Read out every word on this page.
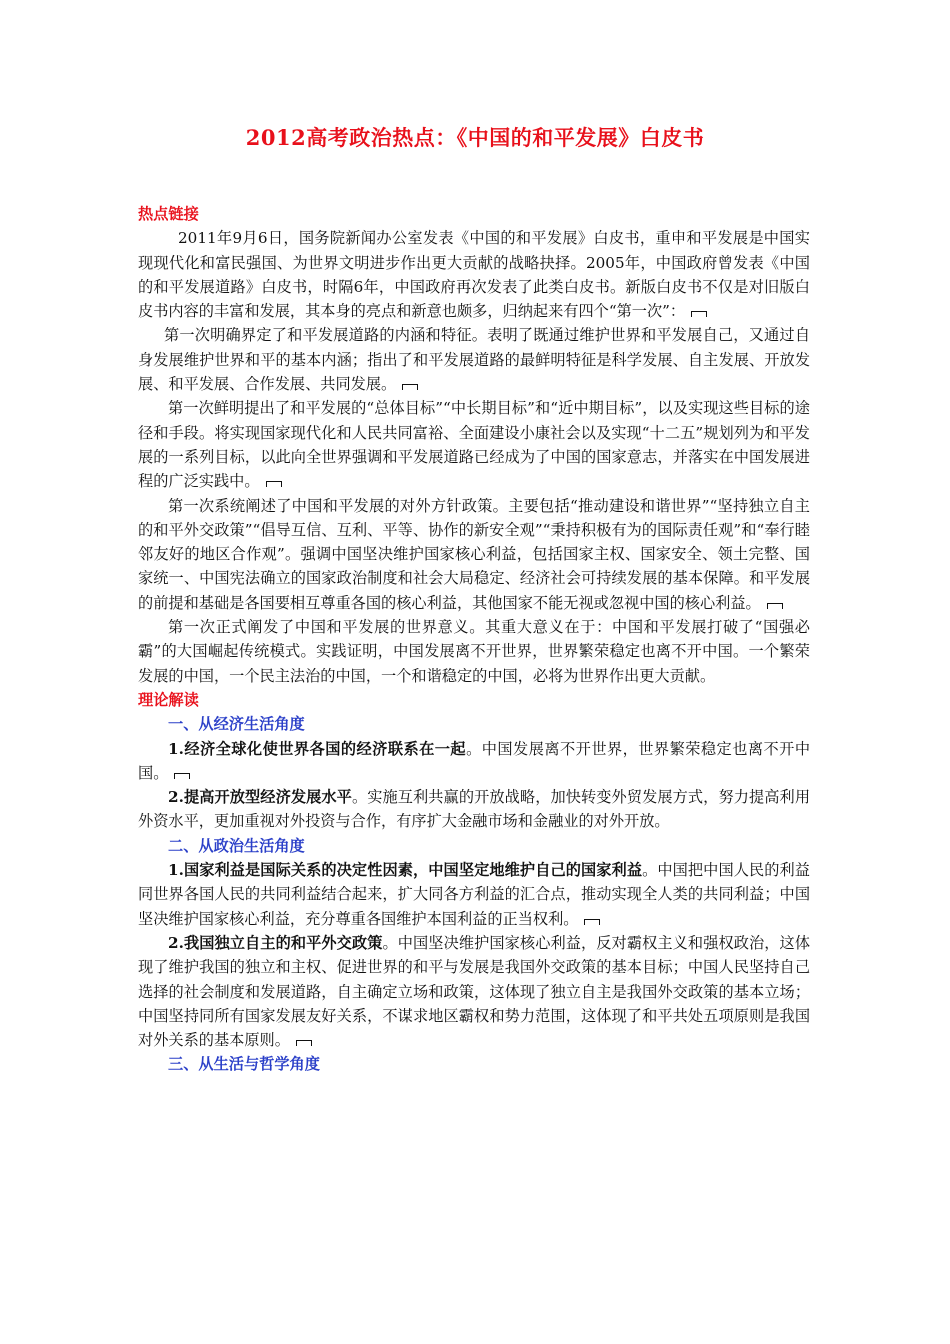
2012高考政治热点：《中国的和平发展》白皮书

热点链接

2011年9月6日，国务院新闻办公室发表《中国的和平发展》白皮书，重申和平发展是中国实现现代化和富民强国、为世界文明进步作出更大贡献的战略抉择。2005年，中国政府曾发表《中国的和平发展道路》白皮书，时隔6年，中国政府再次发表了此类白皮书。新版白皮书不仅是对旧版白皮书内容的丰富和发展，其本身的亮点和新意也颇多，归纳起来有四个“第一次”：

第一次明确界定了和平发展道路的内涵和特征。表明了既通过维护世界和平发展自己，又通过自身发展维护世界和平的基本内涵；指出了和平发展道路的最鲜明特征是科学发展、自主发展、开放发展、和平发展、合作发展、共同发展。

第一次鲜明提出了和平发展的“总体目标”“中长期目标”和“近中期目标”，以及实现这些目标的途径和手段。将实现国家现代化和人民共同富裕、全面建设小康社会以及实现“十二五”规划列为和平发展的一系列目标，以此向全世界强调和平发展道路已经成为了中国的国家意志，并落实在中国发展进程的广泛实践中。

第一次系统阐述了中国和平发展的对外方针政策。主要包括“推动建设和谐世界”“坚持独立自主的和平外交政策”“倡导互信、互利、平等、协作的新安全观”“秉持积极有为的国际责任观”和“奉行睦邻友好的地区合作观”。强调中国坚决维护国家核心利益，包括国家主权、国家安全、领土完整、国家统一、中国宪法确立的国家政治制度和社会大局稳定、经济社会可持续发展的基本保障。和平发展的前提和基础是各国要相互尊重各国的核心利益，其他国家不能无视或忽视中国的核心利益。

第一次正式阐发了中国和平发展的世界意义。其重大意义在于：中国和平发展打破了“国强必霸”的大国崛起传统模式。实践证明，中国发展离不开世界，世界繁荣稳定也离不开中国。一个繁荣发展的中国，一个民主法治的中国，一个和谐稳定的中国，必将为世界作出更大贡献。

理论解读

一、从经济生活角度

1.经济全球化使世界各国的经济联系在一起。中国发展离不开世界，世界繁荣稳定也离不开中国。

2.提高开放型经济发展水平。实施互利共赢的开放战略，加快转变外贸发展方式，努力提高利用外资水平，更加重视对外投资与合作，有序扩大金融市场和金融业的对外开放。

二、从政治生活角度

1.国家利益是国际关系的决定性因素，中国坚定地维护自己的国家利益。中国把中国人民的利益同世界各国人民的共同利益结合起来，扩大同各方利益的汇合点，推动实现全人类的共同利益；中国坚决维护国家核心利益，充分尊重各国维护本国利益的正当权利。

2.我国独立自主的和平外交政策。中国坚决维护国家核心利益，反对霸权主义和强权政治，这体现了维护我国的独立和主权、促进世界的和平与发展是我国外交政策的基本目标；中国人民坚持自己选择的社会制度和发展道路，自主确定立场和政策，这体现了独立自主是我国外交政策的基本立场；中国坚持同所有国家发展友好关系，不谋求地区霸权和势力范围，这体现了和平共处五项原则是我国对外关系的基本原则。

三、从生活与哲学角度
